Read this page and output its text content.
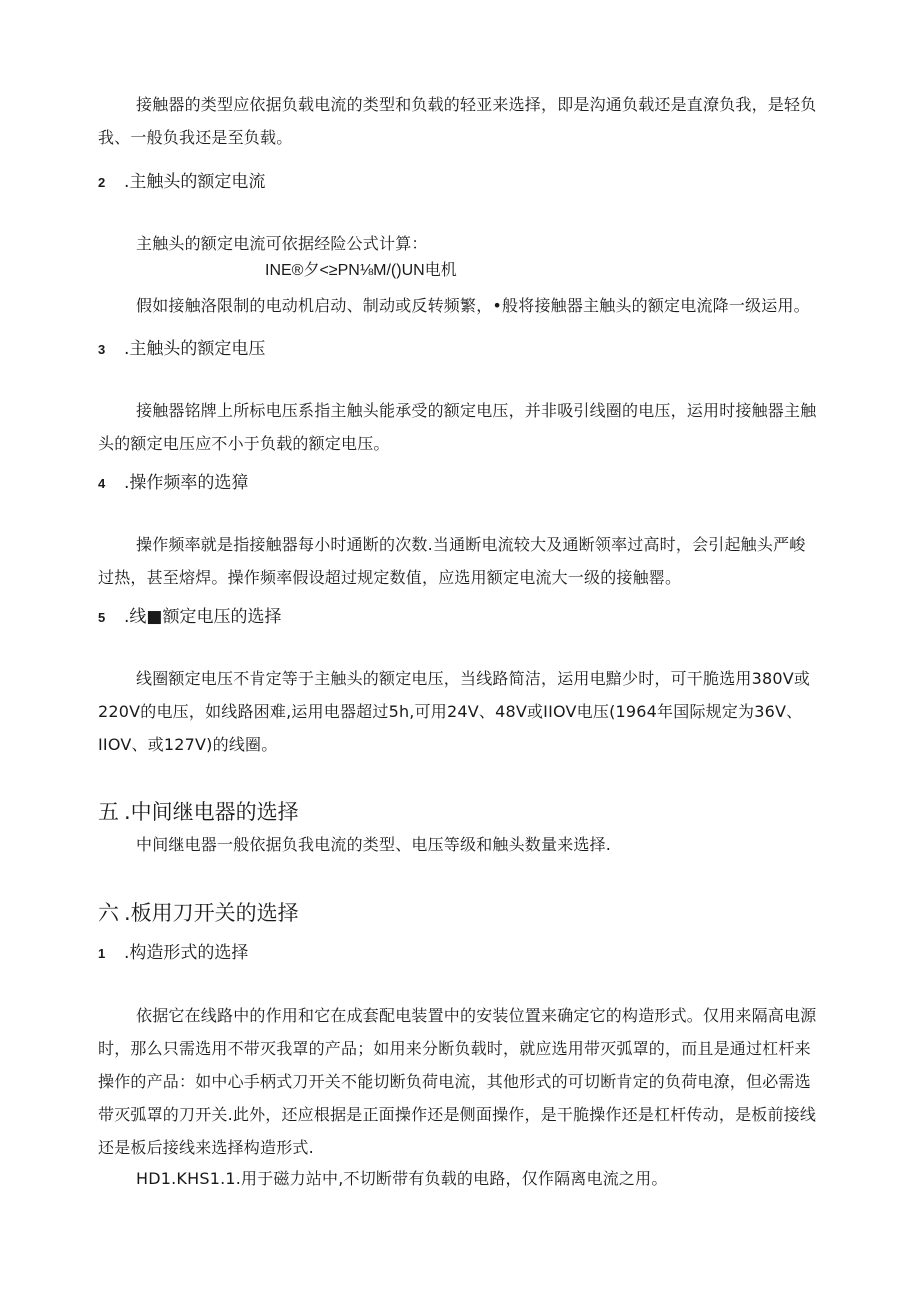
接触器的类型应依据负载电流的类型和负载的轻亚来选择，即是沟通负载还是直潦负我，是轻负我、一般负我还是至负载。

2 .主触头的额定电流

主触头的额定电流可依据经险公式计算：

INE®夕<≥PN⅛M/()UN电机

假如接触洛限制的电动机启动、制动或反转频繁，•般将接触器主触头的额定电流降一级运用。

3 .主触头的额定电压

接触器铭牌上所标电压系指主触头能承受的额定电压，并非吸引线圈的电压，运用时接触器主触头的额定电压应不小于负载的额定电压。

4 .操作频率的选獐

操作频率就是指接触器每小时通断的次数.当通断电流较大及通断领率过高时，会引起触头严峻过热，甚至熔焊。操作频率假设超过规定数值，应选用额定电流大一级的接触罂。

5 .线■额定电压的选择

线圈额定电压不肯定等于主触头的额定电压，当线路简洁，运用电黯少时，可干脆选用380V或220V的电压，如线路困难,运用电器超过5h,可用24V、48V或IIOV电压(1964年国际规定为36V、IIOV、或127V)的线圈。

五 .中间继电器的选择

中间继电器一般依据负我电流的类型、电压等级和触头数量来选择.

六 .板用刀开关的选择
1 .构造形式的选择

依据它在线路中的作用和它在成套配电装置中的安装位置来确定它的构造形式。仅用来隔高电源时，那么只需选用不带灭我罩的产品；如用来分断负载时，就应选用带灭弧罩的，而且是通过杠杆来操作的产品：如中心手柄式刀开关不能切断负荷电流，其他形式的可切断肯定的负荷电潦，但必需选带灭弧罩的刀开关.此外，还应根据是正面操作还是侧面操作，是干脆操作还是杠杆传动，是板前接线还是板后接线来选择构造形式.

HD1.KHS1.1.用于磁力站中,不切断带有负载的电路，仅作隔离电流之用。
